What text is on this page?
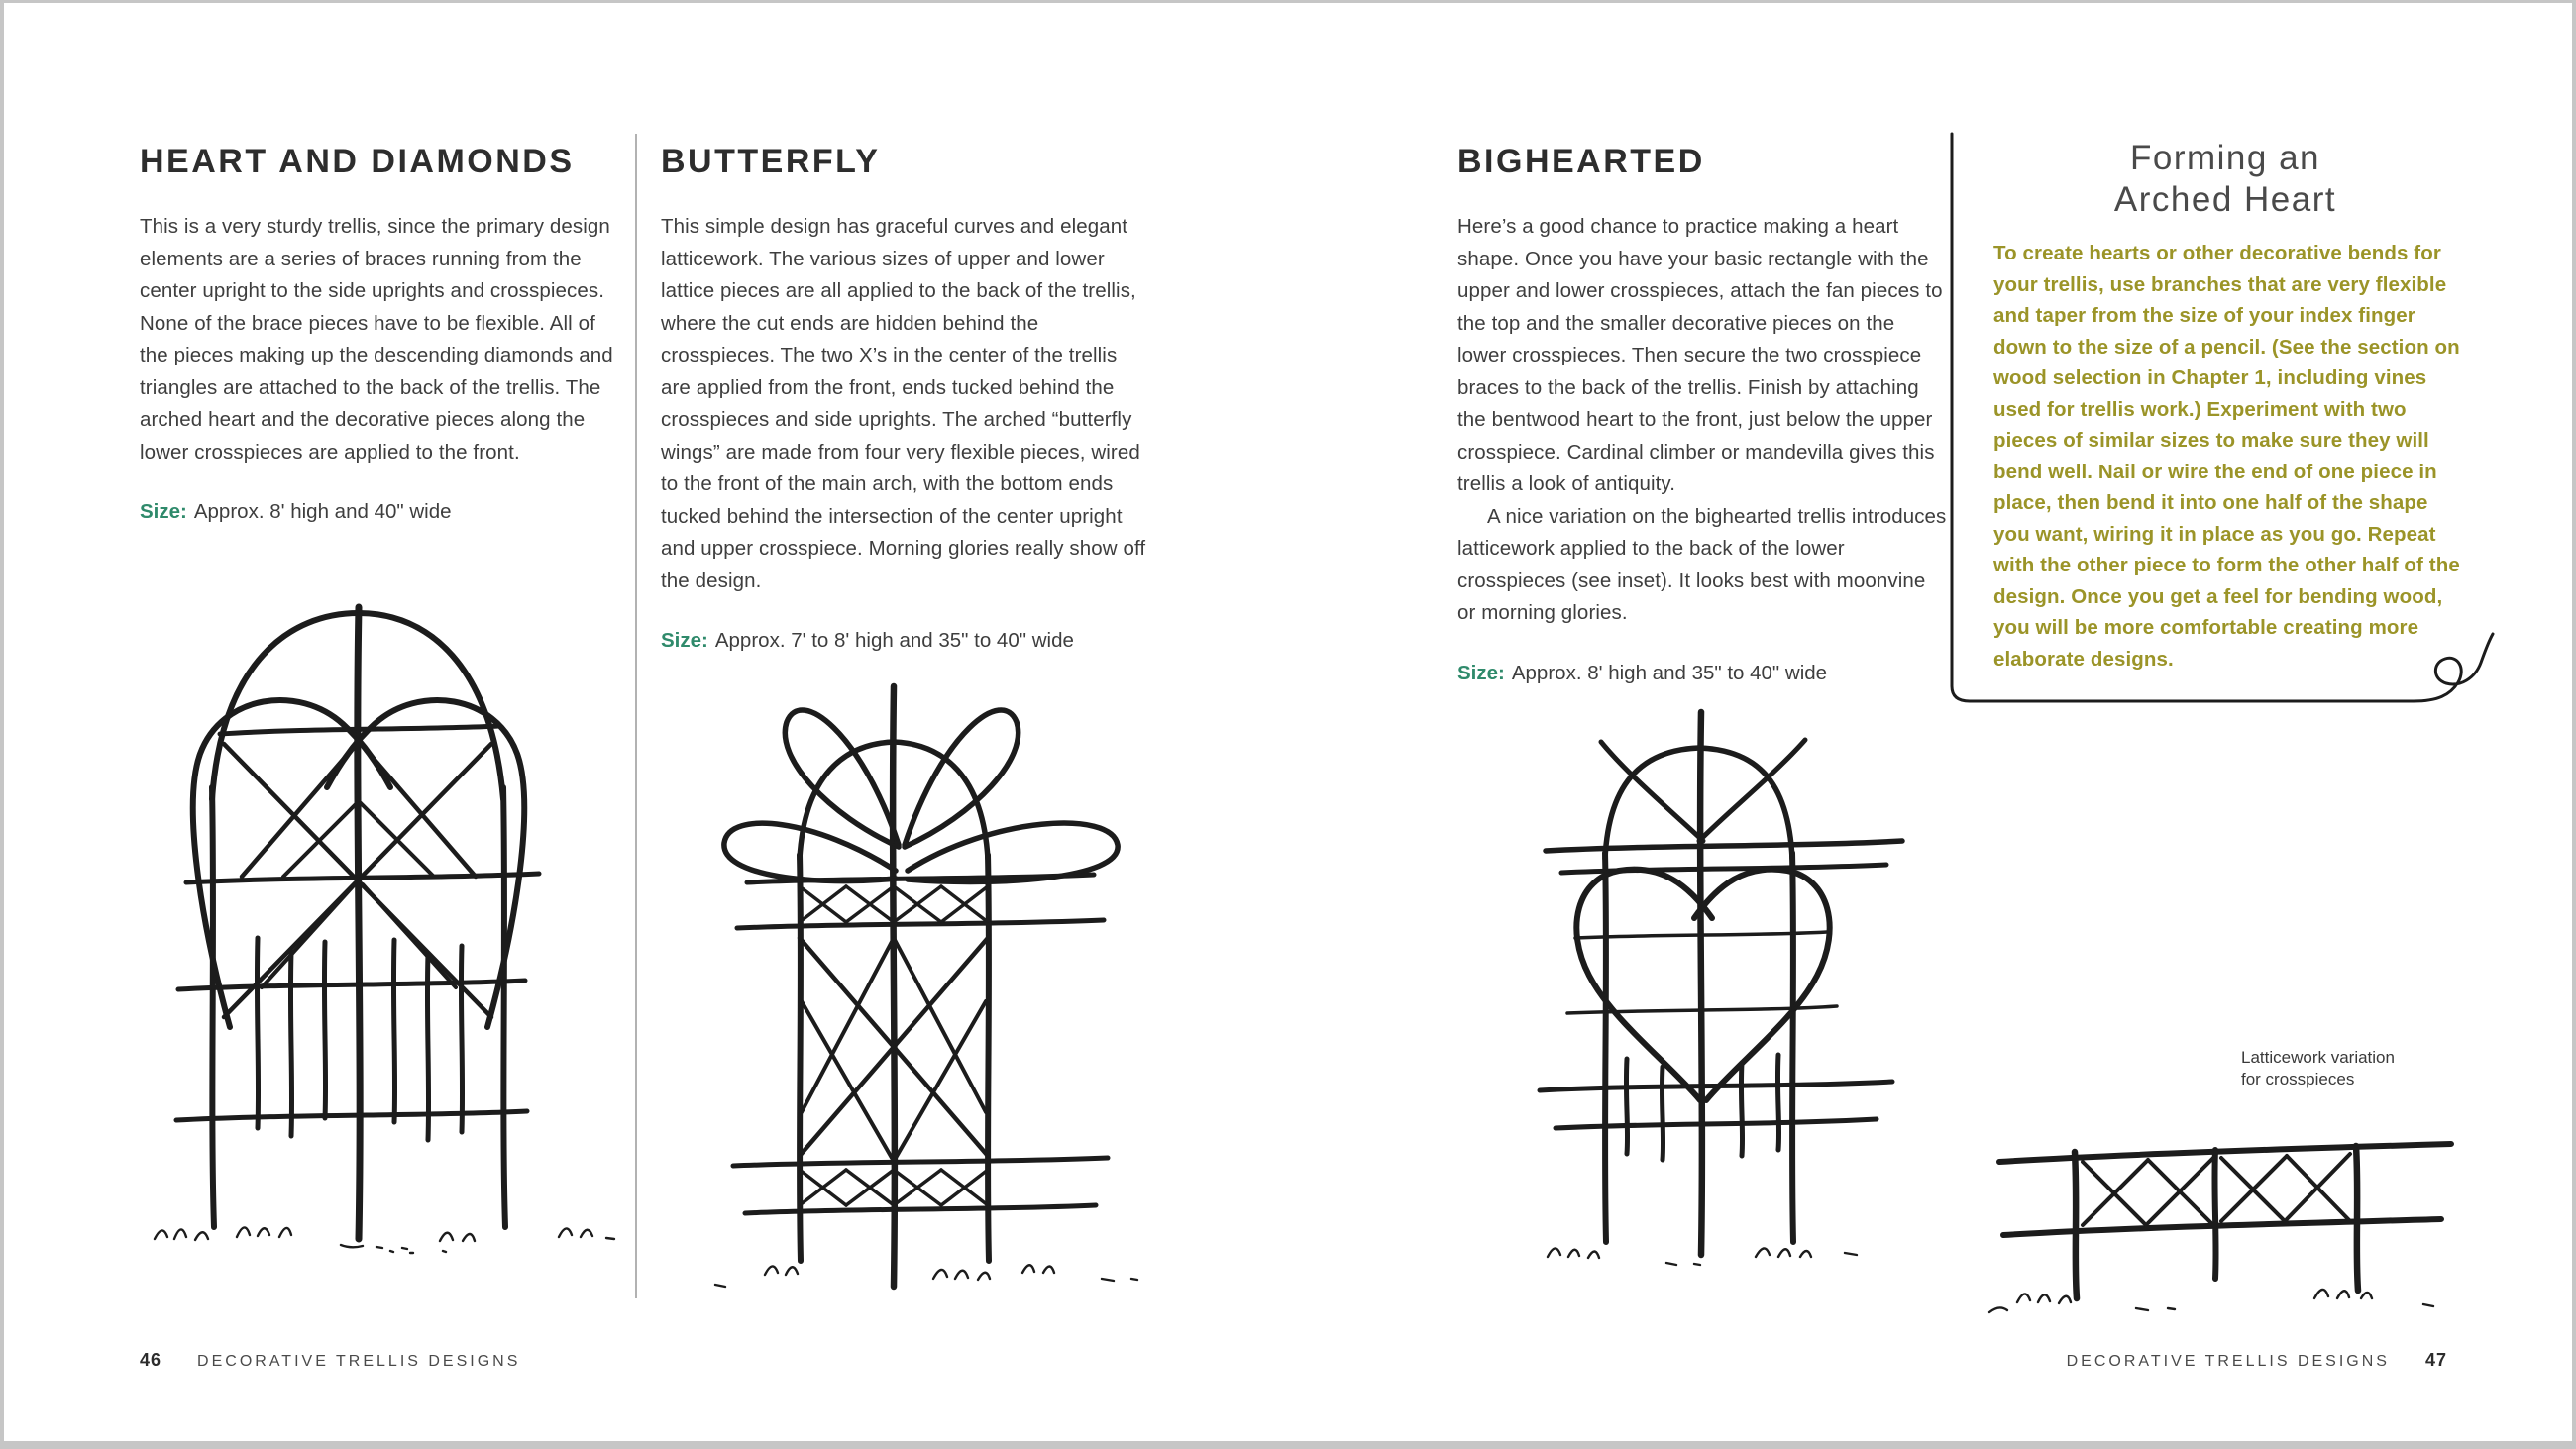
HEART AND DIAMONDS

This is a very sturdy trellis, since the primary design elements are a series of braces running from the center upright to the side uprights and crosspieces. None of the brace pieces have to be flexible. All of the pieces making up the descending diamonds and triangles are attached to the back of the trellis. The arched heart and the decorative pieces along the lower crosspieces are applied to the front.

Size: Approx. 8' high and 40" wide
BUTTERFLY

This simple design has graceful curves and elegant latticework. The various sizes of upper and lower lattice pieces are all applied to the back of the trellis, where the cut ends are hidden behind the crosspieces. The two X’s in the center of the trellis are applied from the front, ends tucked behind the crosspieces and side uprights. The arched “butterfly wings” are made from four very flexible pieces, wired to the front of the main arch, with the bottom ends tucked behind the intersection of the center upright and upper crosspiece. Morning glories really show off the design.

Size: Approx. 7' to 8' high and 35" to 40" wide
BIGHEARTED

Here’s a good chance to practice making a heart shape. Once you have your basic rectangle with the upper and lower crosspieces, attach the fan pieces to the top and the smaller decorative pieces on the lower crosspieces. Then secure the two crosspiece braces to the back of the trellis. Finish by attaching the bentwood heart to the front, just below the upper crosspiece. Cardinal climber or mandevilla gives this trellis a look of antiquity.

A nice variation on the bighearted trellis introduces latticework applied to the back of the lower crosspieces (see inset). It looks best with moonvine or morning glories.

Size: Approx. 8' high and 35" to 40" wide
Forming an
Arched Heart
To create hearts or other decorative bends for your trellis, use branches that are very flexible and taper from the size of your index finger down to the size of a pencil. (See the section on wood selection in Chapter 1, including vines used for trellis work.) Experiment with two pieces of similar sizes to make sure they will bend well. Nail or wire the end of one piece in place, then bend it into one half of the shape you want, wiring it in place as you go. Repeat with the other piece to form the other half of the design. Once you get a feel for bending wood, you will be more comfortable creating more elaborate designs.
Latticework variation
for crosspieces
46 DECORATIVE TRELLIS DESIGNS	DECORATIVE TRELLIS DESIGNS 47
